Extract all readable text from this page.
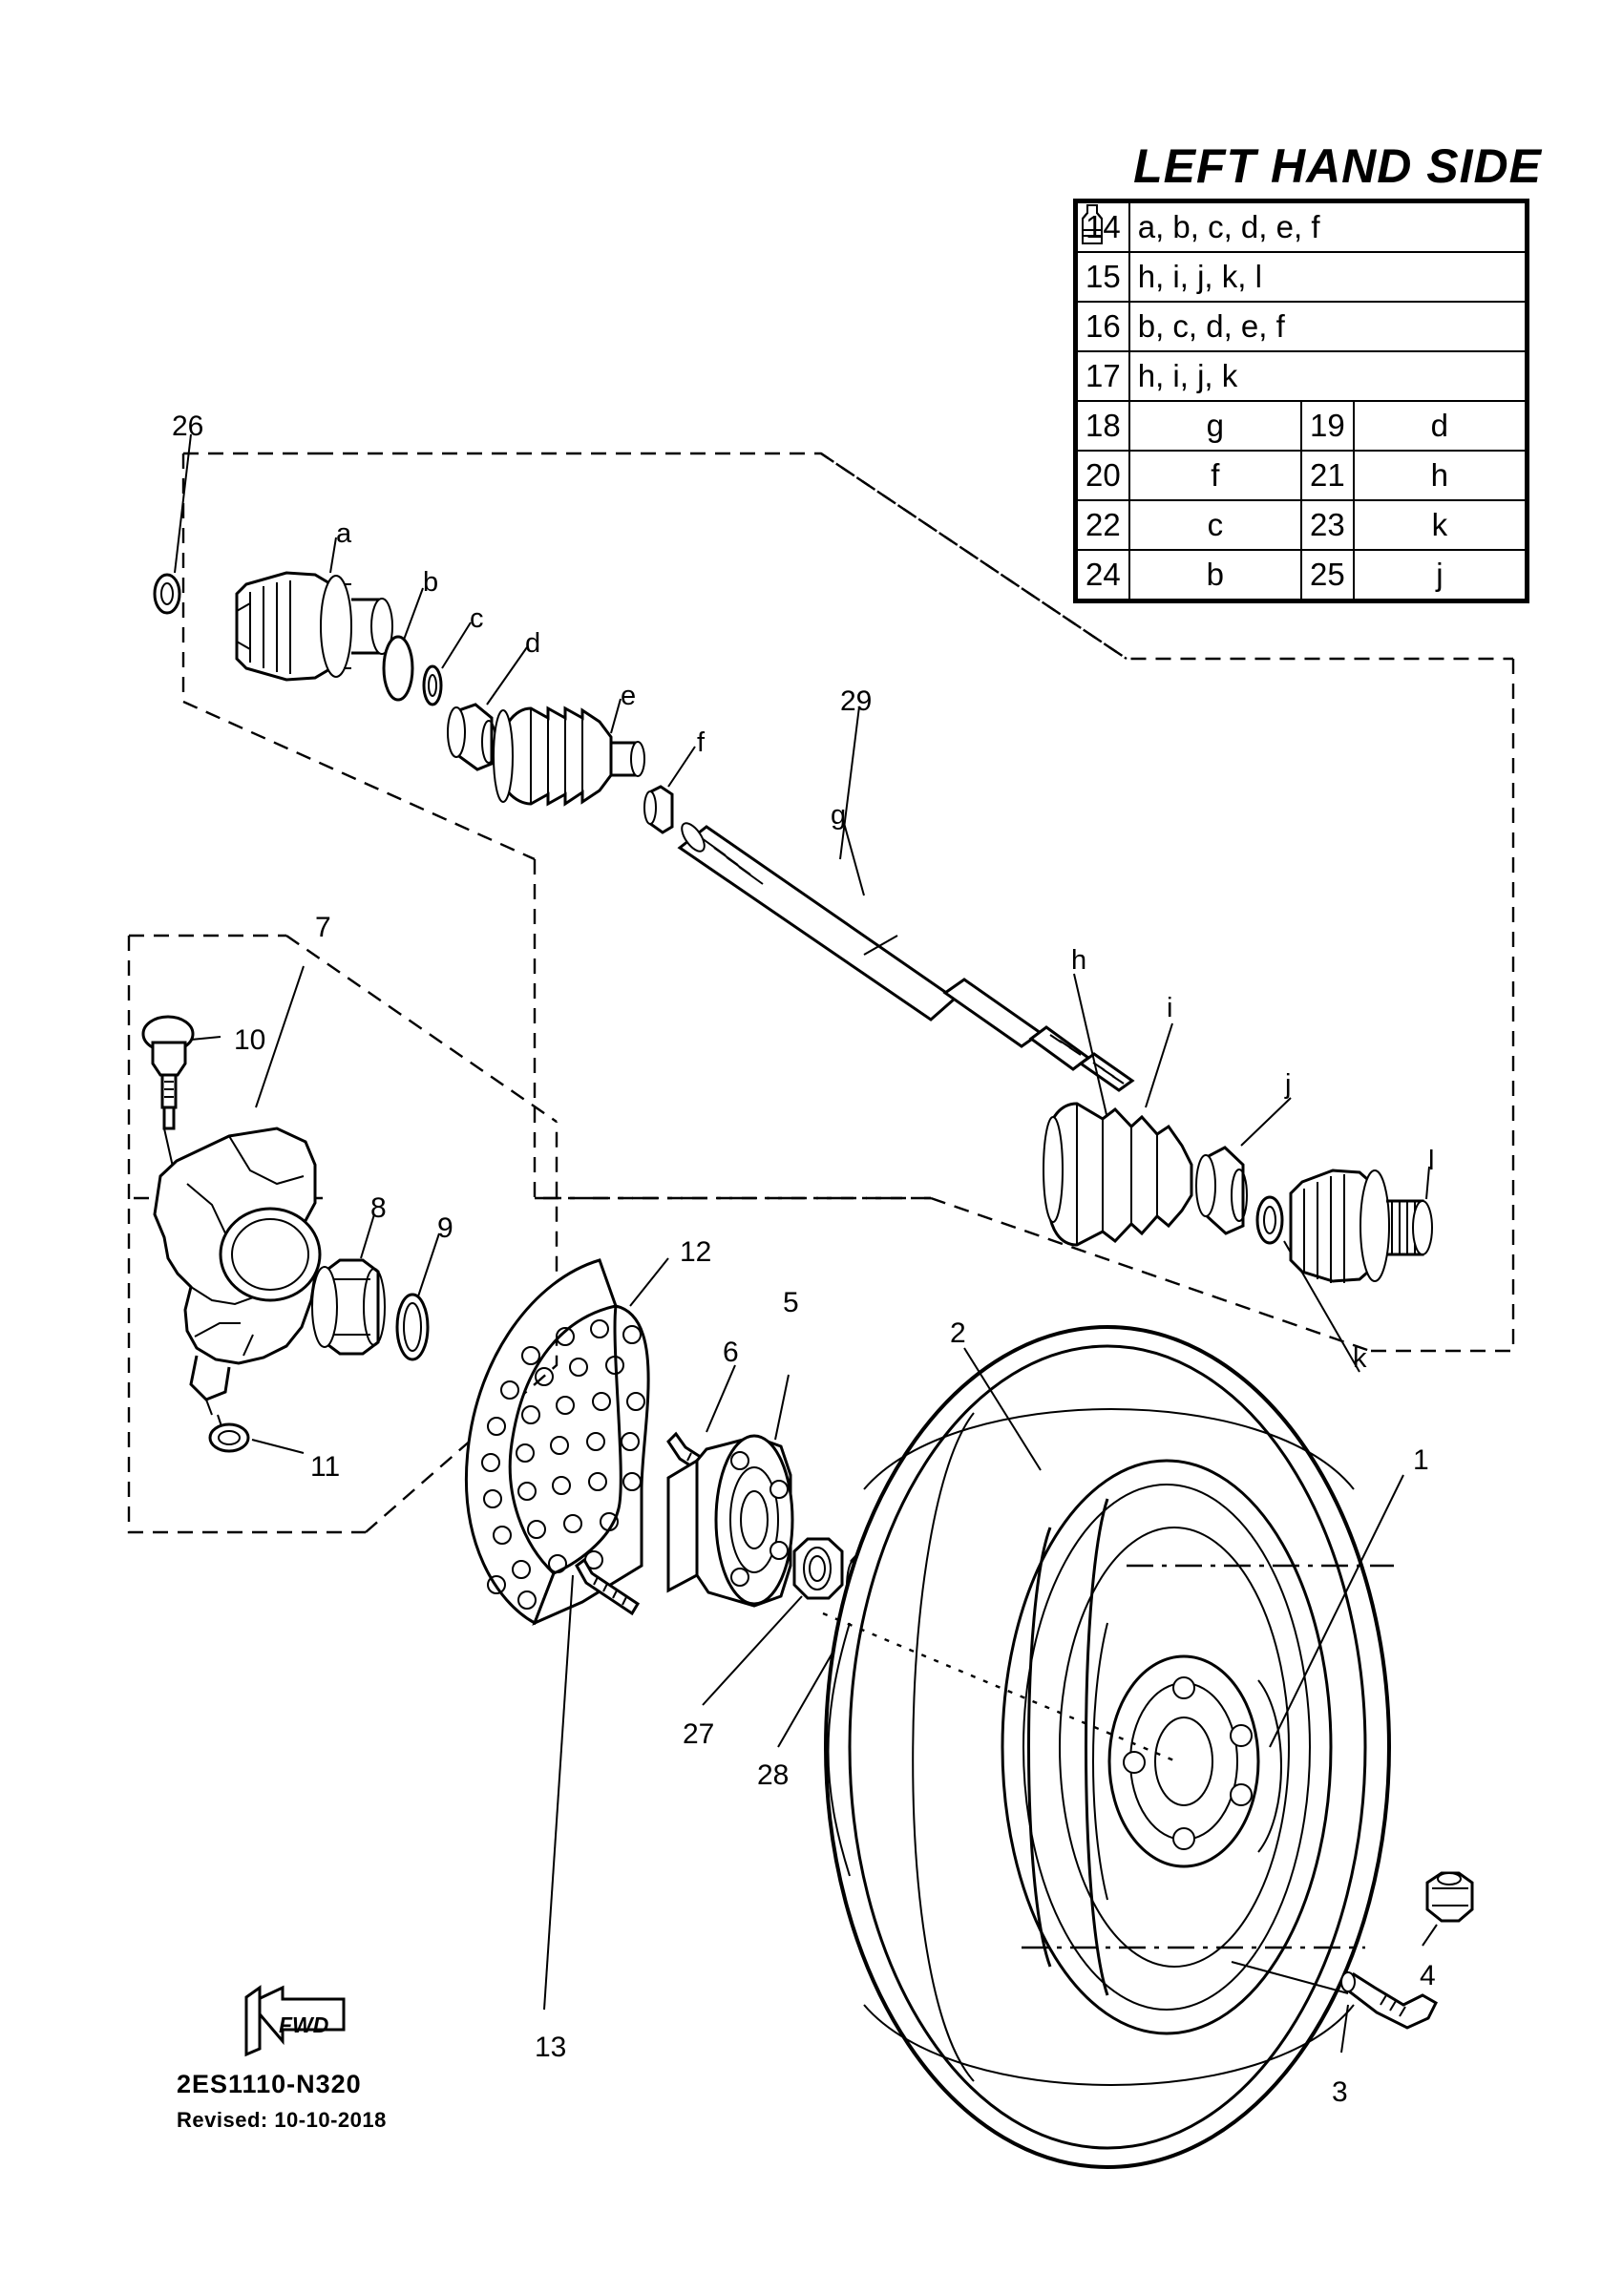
LEFT HAND SIDE
14	a, b, c, d, e, f		

15	h, i, j, k, l		

16	b, c, d, e, f		

17	h, i, j, k		

18	g	19	d
20	f	21	h
22	c	23	k
24	b	25	j
FWD
26
29
7
10
8
9
11
12
13
5
6
27
28
2
1
4
3
a
b
c
d
e
f
g
h
i
j
k
l
2ES1110-N320
Revised: 10-10-2018
